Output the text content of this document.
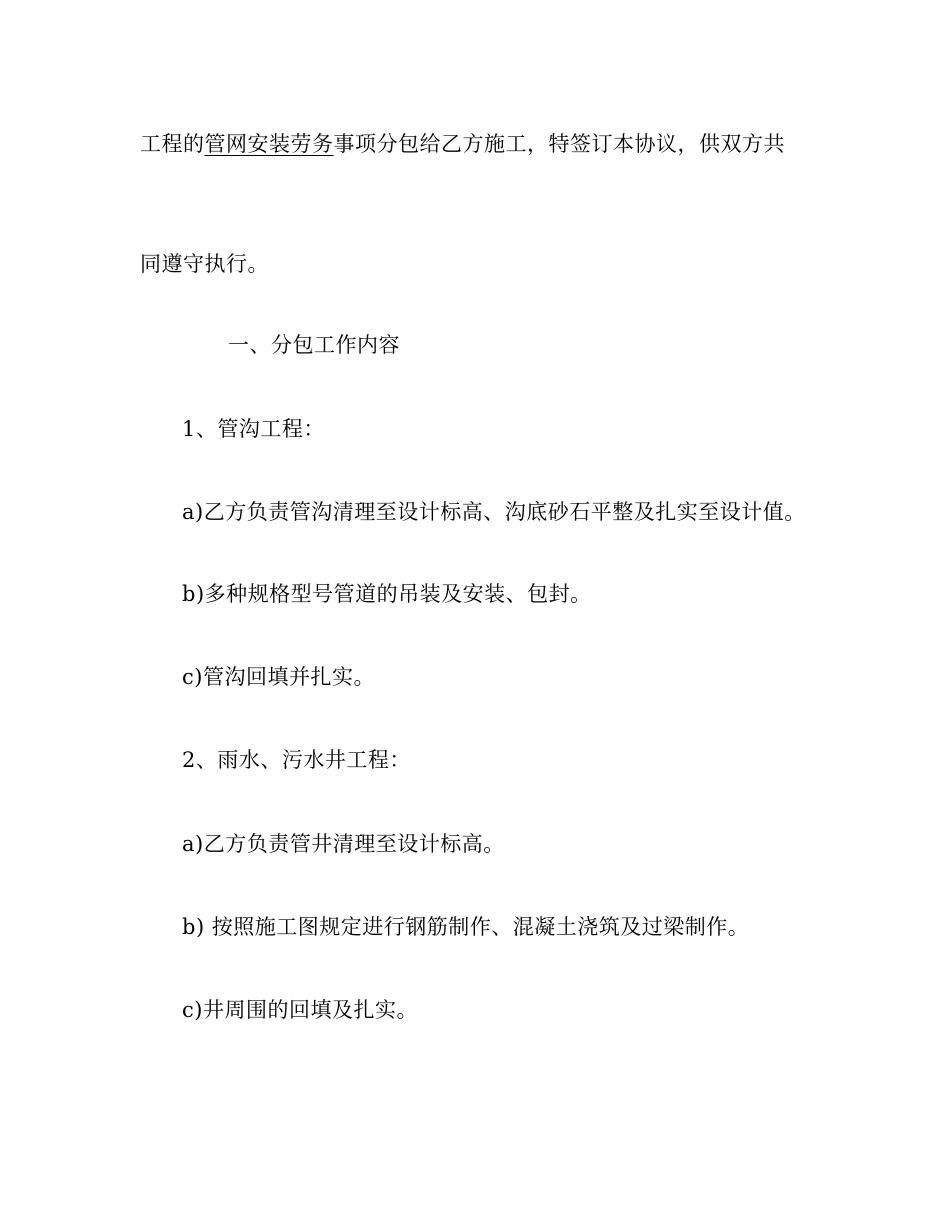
工程的管网安装劳务事项分包给乙方施工，特签订本协议，供双方共
同遵守执行。
一、分包工作内容
1、管沟工程：
a)乙方负责管沟清理至设计标高、沟底砂石平整及扎实至设计值。
b)多种规格型号管道的吊装及安装、包封。
c)管沟回填并扎实。
2、雨水、污水井工程：
a)乙方负责管井清理至设计标高。
b) 按照施工图规定进行钢筋制作、混凝土浇筑及过梁制作。
c)井周围的回填及扎实。
